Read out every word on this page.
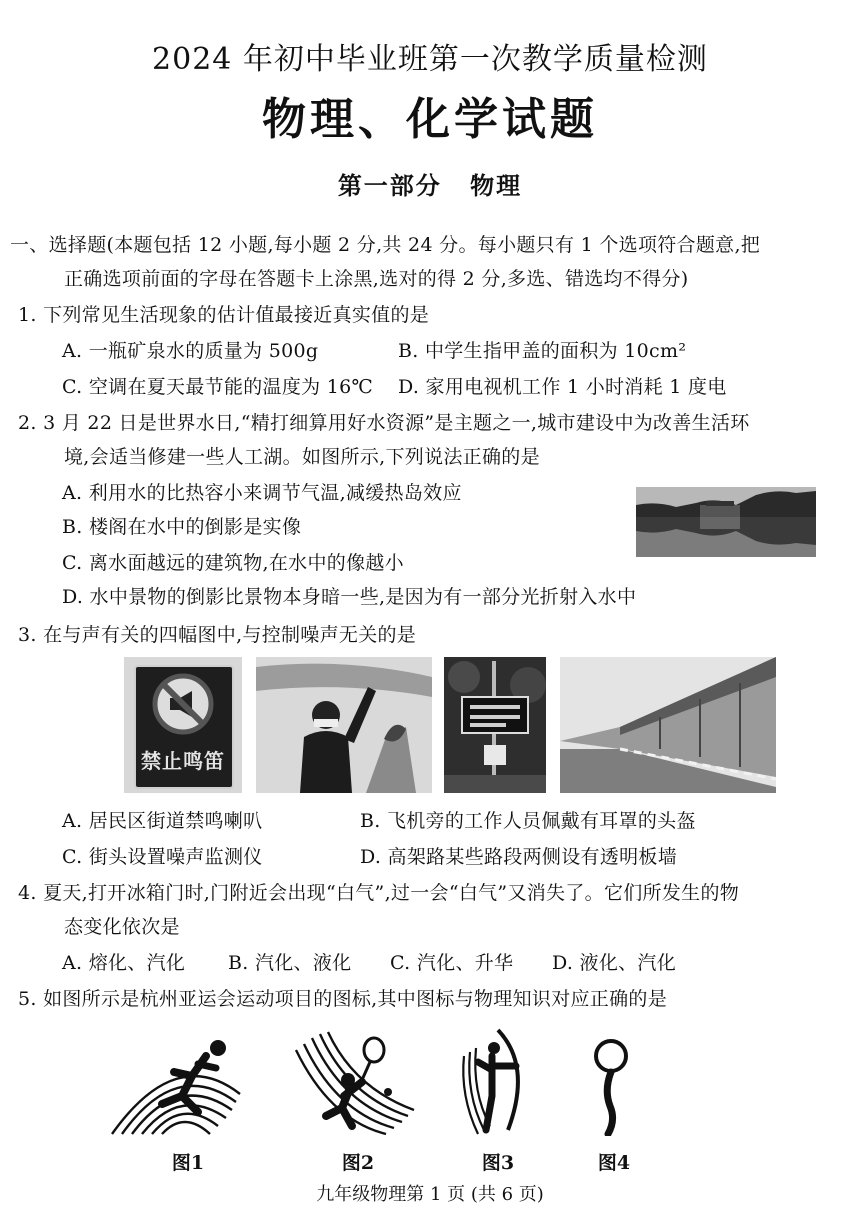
2024 年初中毕业班第一次教学质量检测
物理、化学试题
第一部分 物理
一、选择题(本题包括 12 小题,每小题 2 分,共 24 分。每小题只有 1 个选项符合题意,把
正确选项前面的字母在答题卡上涂黑,选对的得 2 分,多选、错选均不得分)
1. 下列常见生活现象的估计值最接近真实值的是
A. 一瓶矿泉水的质量为 500g	B. 中学生指甲盖的面积为 10cm²
C. 空调在夏天最节能的温度为 16℃ D. 家用电视机工作 1 小时消耗 1 度电
2. 3 月 22 日是世界水日,“精打细算用好水资源”是主题之一,城市建设中为改善生活环
境,会适当修建一些人工湖。如图所示,下列说法正确的是
A. 利用水的比热容小来调节气温,减缓热岛效应
B. 楼阁在水中的倒影是实像
C. 离水面越远的建筑物,在水中的像越小
D. 水中景物的倒影比景物本身暗一些,是因为有一部分光折射入水中
3. 在与声有关的四幅图中,与控制噪声无关的是
禁止鸣笛
A. 居民区街道禁鸣喇叭	B. 飞机旁的工作人员佩戴有耳罩的头盔
C. 街头设置噪声监测仪	D. 高架路某些路段两侧设有透明板墙
4. 夏天,打开冰箱门时,门附近会出现“白气”,过一会“白气”又消失了。它们所发生的物
态变化依次是
A. 熔化、汽化 B. 汽化、液化 C. 汽化、升华 D. 液化、汽化
5. 如图所示是杭州亚运会运动项目的图标,其中图标与物理知识对应正确的是
图1	图2	图3	图4
九年级物理第 1 页 (共 6 页)
